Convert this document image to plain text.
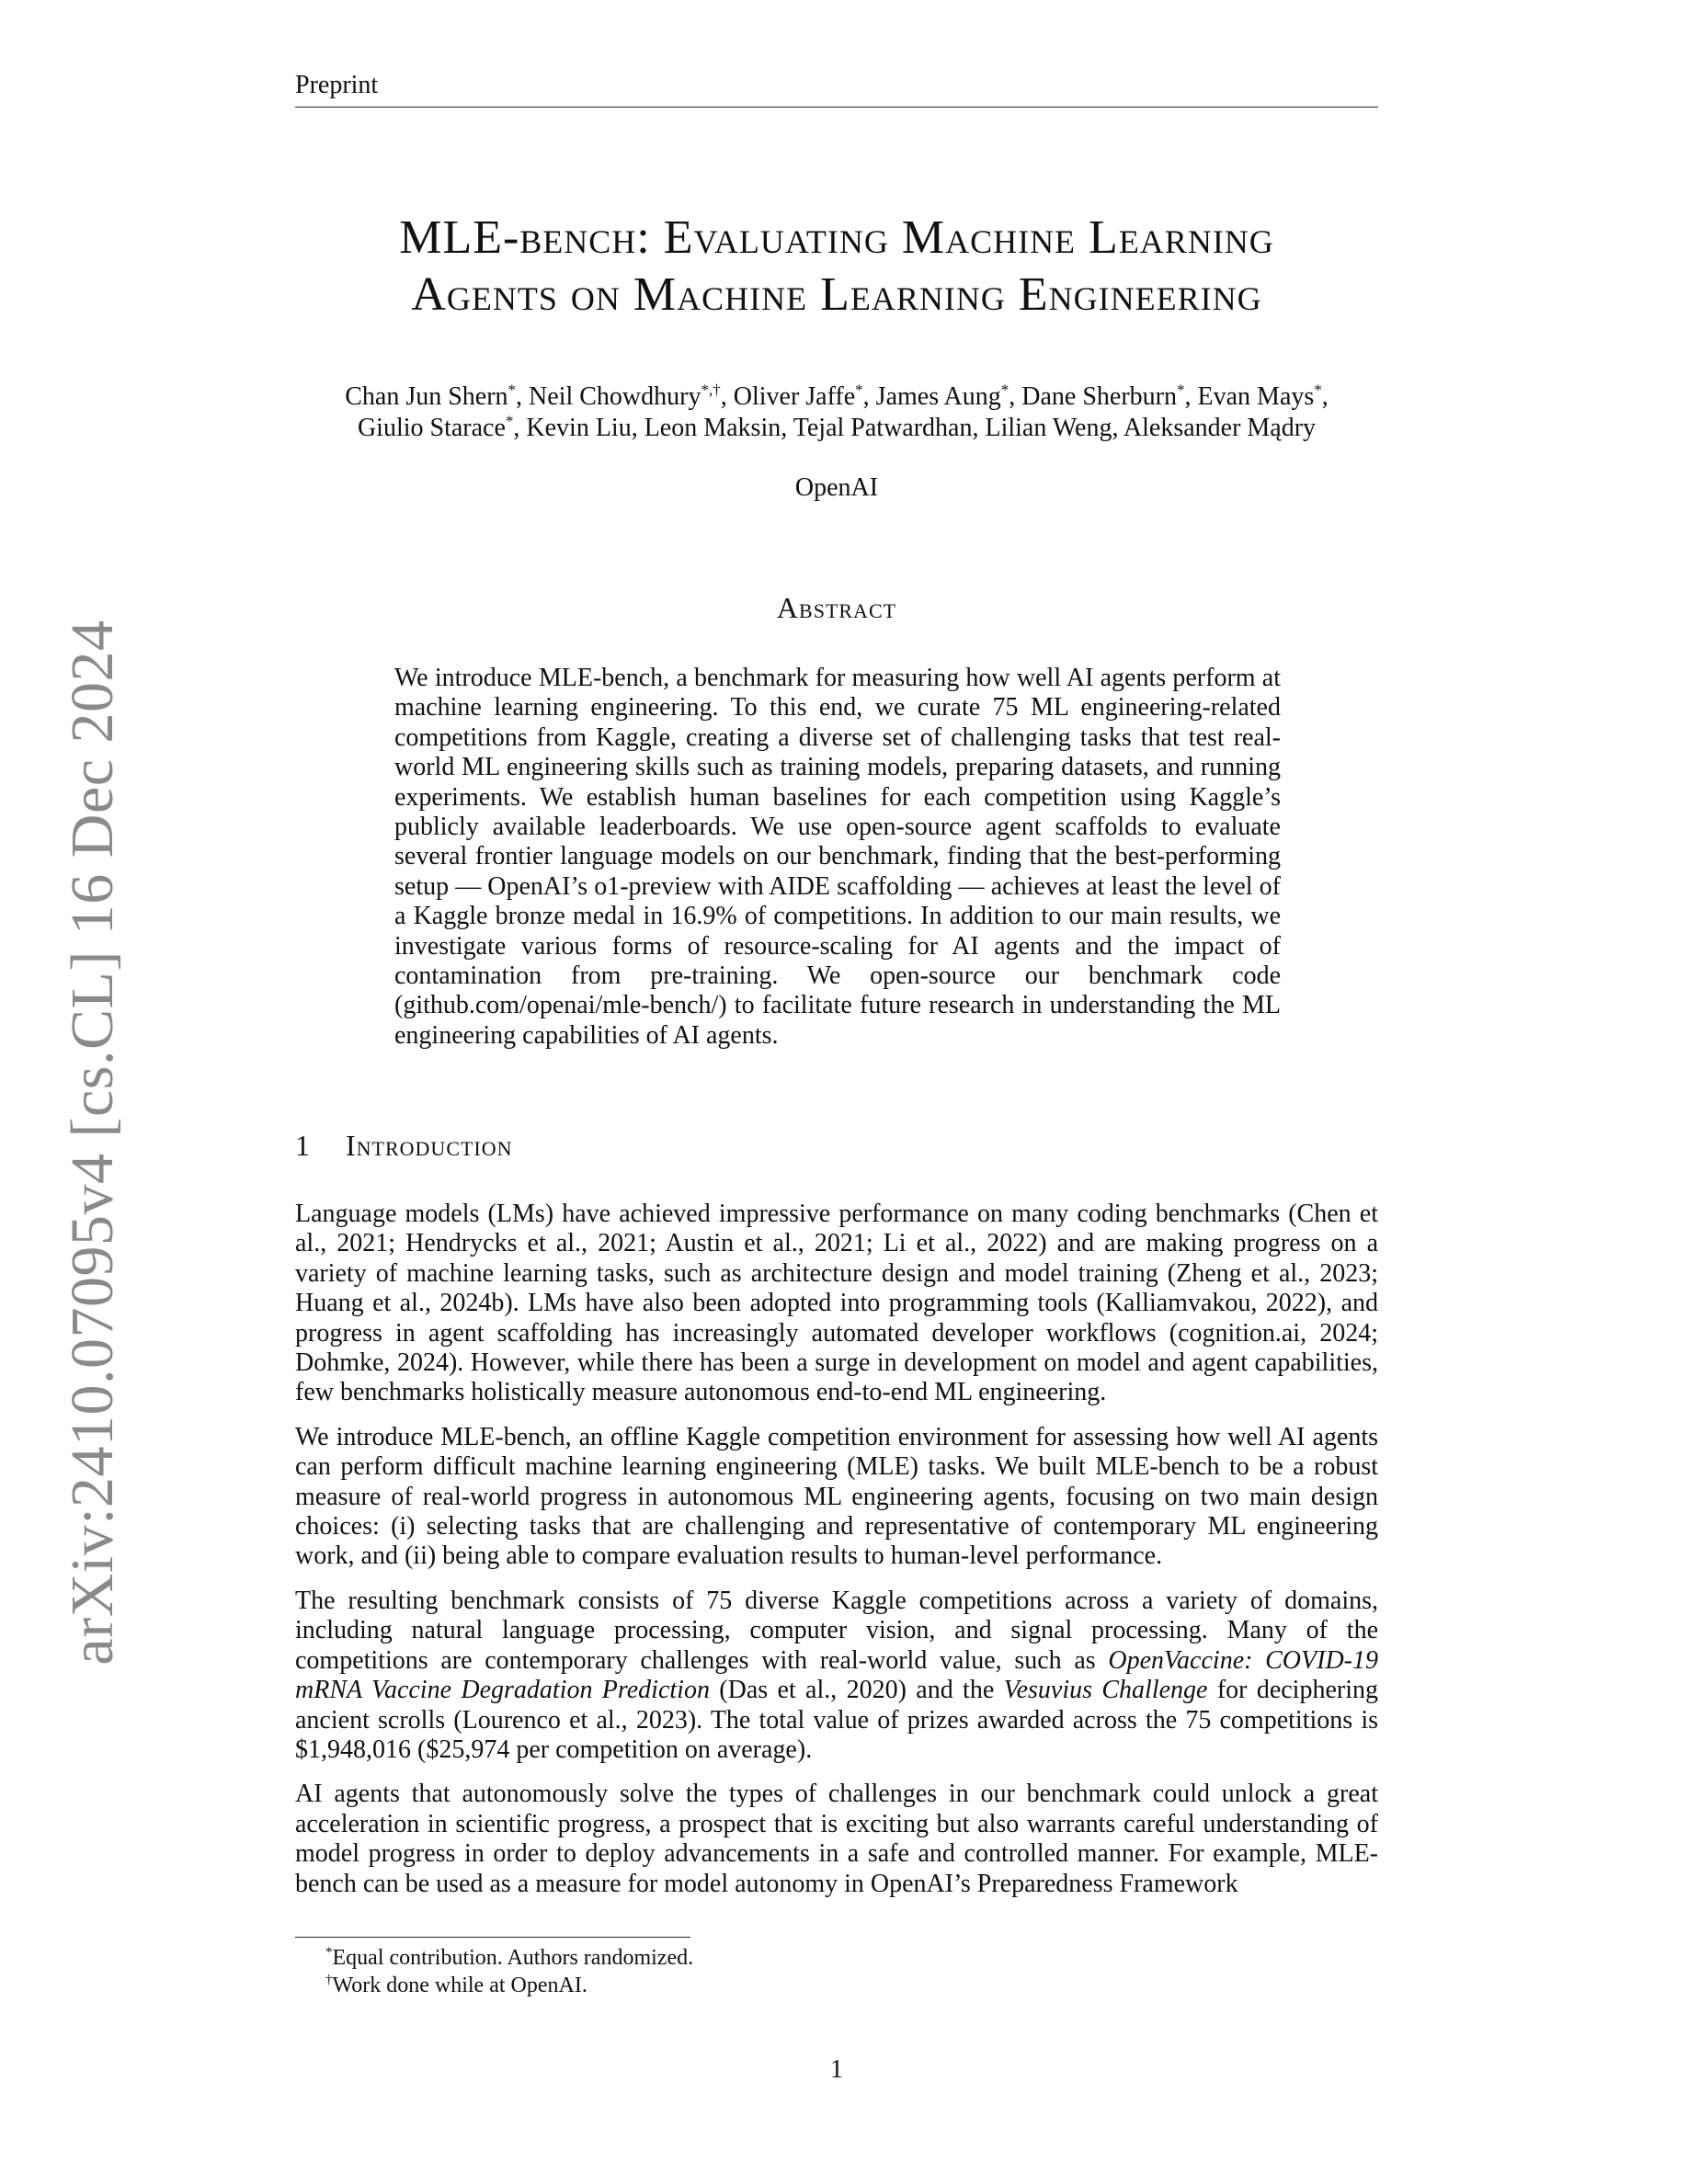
Preprint
arXiv:2410.07095v4 [cs.CL] 16 Dec 2024
MLE-bench: Evaluating Machine Learning
Agents on Machine Learning Engineering
Chan Jun Shern*, Neil Chowdhury*,†, Oliver Jaffe*, James Aung*, Dane Sherburn*, Evan Mays*,
Giulio Starace*, Kevin Liu, Leon Maksin, Tejal Patwardhan, Lilian Weng, Aleksander Mądry
OpenAI
Abstract
We introduce MLE-bench, a benchmark for measuring how well AI agents perform at machine learning engineering. To this end, we curate 75 ML engineering-related competitions from Kaggle, creating a diverse set of challenging tasks that test real-world ML engineering skills such as training models, preparing datasets, and running experiments. We establish human baselines for each competition using Kaggle’s publicly available leaderboards. We use open-source agent scaffolds to evaluate several frontier language models on our benchmark, finding that the best-performing setup — OpenAI’s o1-preview with AIDE scaffolding — achieves at least the level of a Kaggle bronze medal in 16.9% of competitions. In addition to our main results, we investigate various forms of resource-scaling for AI agents and the impact of contamination from pre-training. We open-source our benchmark code (github.com/openai/mle-bench/) to facilitate future research in understanding the ML engineering capabilities of AI agents.
1 Introduction

Language models (LMs) have achieved impressive performance on many coding benchmarks (Chen et al., 2021; Hendrycks et al., 2021; Austin et al., 2021; Li et al., 2022) and are making progress on a variety of machine learning tasks, such as architecture design and model training (Zheng et al., 2023; Huang et al., 2024b). LMs have also been adopted into programming tools (Kalliamvakou, 2022), and progress in agent scaffolding has increasingly automated developer workflows (cognition.ai, 2024; Dohmke, 2024). However, while there has been a surge in development on model and agent capabilities, few benchmarks holistically measure autonomous end-to-end ML engineering.

We introduce MLE-bench, an offline Kaggle competition environment for assessing how well AI agents can perform difficult machine learning engineering (MLE) tasks. We built MLE-bench to be a robust measure of real-world progress in autonomous ML engineering agents, focusing on two main design choices: (i) selecting tasks that are challenging and representative of contemporary ML engineering work, and (ii) being able to compare evaluation results to human-level performance.

The resulting benchmark consists of 75 diverse Kaggle competitions across a variety of domains, including natural language processing, computer vision, and signal processing. Many of the competitions are contemporary challenges with real-world value, such as OpenVaccine: COVID-19 mRNA Vaccine Degradation Prediction (Das et al., 2020) and the Vesuvius Challenge for deciphering ancient scrolls (Lourenco et al., 2023). The total value of prizes awarded across the 75 competitions is $1,948,016 ($25,974 per competition on average).

AI agents that autonomously solve the types of challenges in our benchmark could unlock a great acceleration in scientific progress, a prospect that is exciting but also warrants careful understanding of model progress in order to deploy advancements in a safe and controlled manner. For example, MLE-bench can be used as a measure for model autonomy in OpenAI’s Preparedness Framework

*Equal contribution. Authors randomized.
†Work done while at OpenAI.
1
